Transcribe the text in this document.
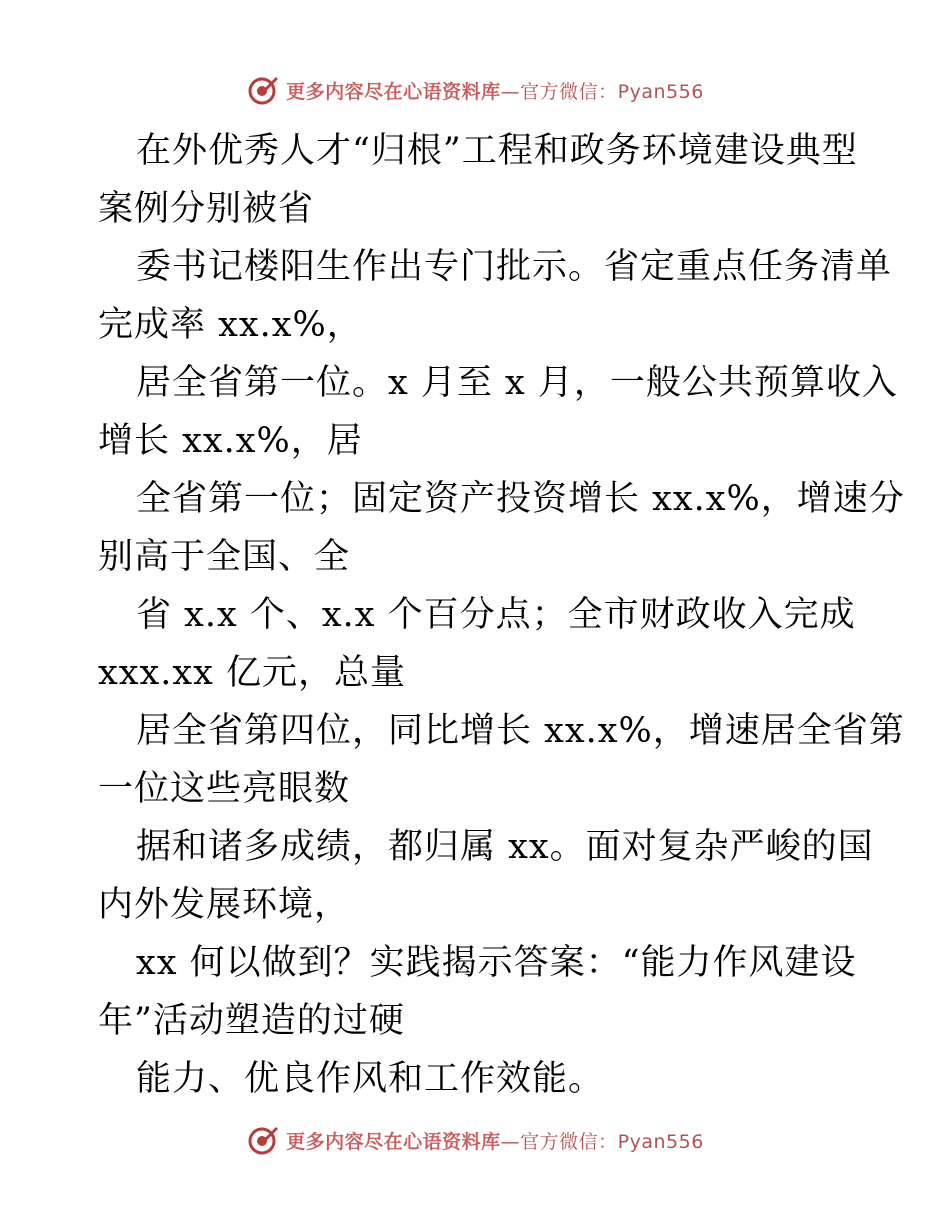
更多内容尽在心语资料库—官方微信：Pyan556
在外优秀人才“归根”工程和政务环境建设典型
案例分别被省
委书记楼阳生作出专门批示。省定重点任务清单
完成率 xx.x%，
居全省第一位。x 月至 x 月，一般公共预算收入
增长 xx.x%，居
全省第一位；固定资产投资增长 xx.x%，增速分
别高于全国、全
省 x.x 个、x.x 个百分点；全市财政收入完成
xxx.xx 亿元，总量
居全省第四位，同比增长 xx.x%，增速居全省第
一位这些亮眼数
据和诸多成绩，都归属 xx。面对复杂严峻的国
内外发展环境，
xx 何以做到？实践揭示答案：“能力作风建设
年”活动塑造的过硬
能力、优良作风和工作效能。
更多内容尽在心语资料库—官方微信：Pyan556
